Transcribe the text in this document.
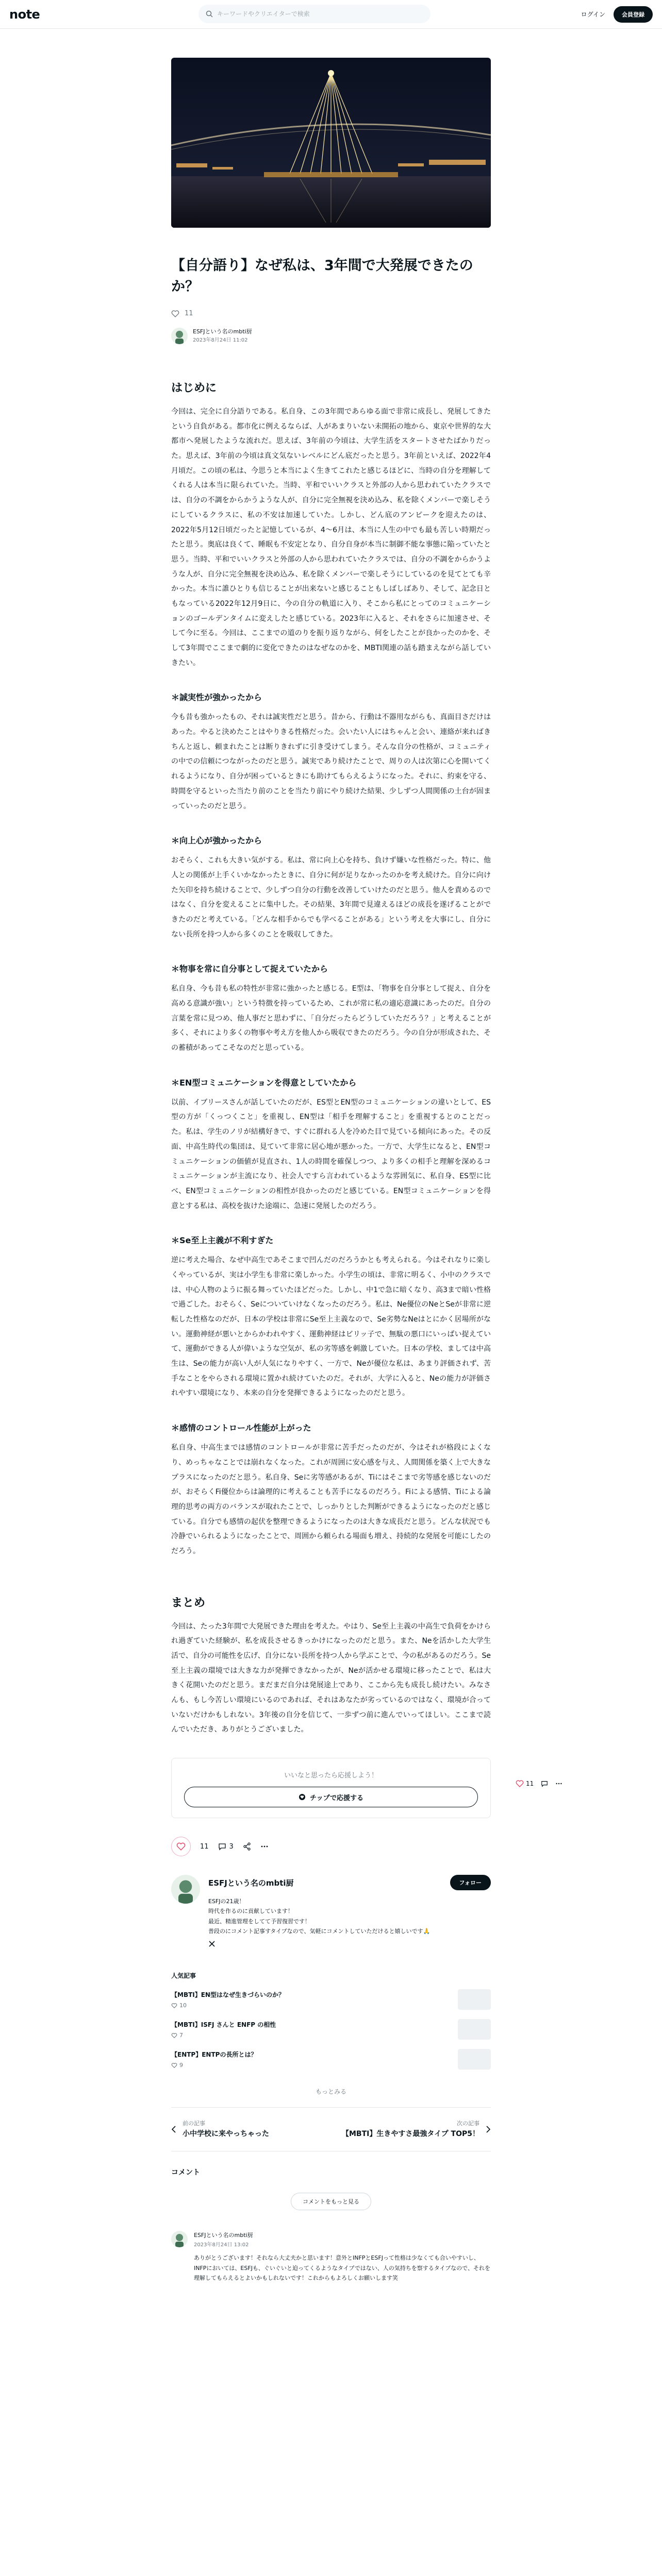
note
キーワードやクリエイターで検索	ログイン	会員登録
【自分語り】なぜ私は、3年間で大発展できたのか？
11
ESFJという名のmbti厨
2023年8月24日 11:02
はじめに

今回は、完全に自分語りである。私自身、この3年間であらゆる面で非常に成長し、発展してきたという自負がある。都市化に例えるならば、人があまりいない未開拓の地から、東京や世界的な大都市へ発展したような流れだ。思えば、3年前の今頃は、大学生活をスタートさせたばかりだった。思えば、3年前の今頃は真文気ないレベルにどん底だったと思う。3年前といえば、2022年4月頃だ。この頃の私は、今思うと本当によく生きてこれたと感じるほどに、当時の自分を理解してくれる人は本当に限られていた。当時、平和でいいクラスと外部の人から思われていたクラスでは、自分の不調をからかうような人が、自分に完全無視を決め込み、私を除くメンバーで楽しそうにしているクラスに、私の不安は加速していた。しかし、どん底のアンピークを迎えたのは、2022年5月12日頃だったと記憶しているが、4～6月は、本当に人生の中でも最も苦しい時期だったと思う。奥底は良くて、睡眠も不安定となり、自分自身が本当に制御不能な事態に陥っていたと思う。当時、平和でいいクラスと外部の人から思われていたクラスでは、自分の不調をからかうような人が、自分に完全無視を決め込み、私を除くメンバーで楽しそうにしているのを見てとても辛かった。本当に誰ひとりも信じることが出来ないと感じることもしばしばあり、そして、記念日ともなっている2022年12月9日に、今の自分の軌道に入り、そこから私にとってのコミュニケーションのゴールデンタイムに変えしたと感じている。2023年に入ると、それをさらに加速させ、そして今に至る。今回は、ここまでの道のりを振り返りながら、何をしたことが良かったのかを、そして3年間でここまで劇的に変化できたのはなぜなのかを、MBTI関連の話も踏まえながら話していきたい。

＊誠実性が強かったから

今も昔も強かったもの、それは誠実性だと思う。昔から、行動は不器用ながらも、真面目さだけはあった。やると決めたことはやりきる性格だった。会いたい人にはちゃんと会い、連絡が来ればきちんと返し、頼まれたことは断りきれずに引き受けてしまう。そんな自分の性格が、コミュニティの中での信頼につながったのだと思う。誠実であり続けたことで、周りの人は次第に心を開いてくれるようになり、自分が困っているときにも助けてもらえるようになった。それに、約束を守る、時間を守るといった当たり前のことを当たり前にやり続けた結果、少しずつ人間関係の土台が固まっていったのだと思う。

＊向上心が強かったから

おそらく、これも大きい気がする。私は、常に向上心を持ち、負けず嫌いな性格だった。特に、他人との関係が上手くいかなかったときに、自分に何が足りなかったのかを考え続けた。自分に向けた矢印を持ち続けることで、少しずつ自分の行動を改善していけたのだと思う。他人を責めるのではなく、自分を変えることに集中した。その結果、3年間で見違えるほどの成長を遂げることができたのだと考えている。「どんな相手からでも学べることがある」という考えを大事にし、自分にない長所を持つ人から多くのことを吸収してきた。

＊物事を常に自分事として捉えていたから

私自身、今も昔も私の特性が非常に強かったと感じる。E型は、「物事を自分事として捉え、自分を高める意識が強い」という特徴を持っているため、これが常に私の適応意識にあったのだ。自分の言葉を常に見つめ、他人事だと思わずに、「自分だったらどうしていただろう？」と考えることが多く、それにより多くの物事や考え方を他人から吸収できたのだろう。今の自分が形成された、その蓄積があってこそなのだと思っている。

＊EN型コミュニケーションを得意としていたから

以前、イブリースさんが話していたのだが、ES型とEN型のコミュニケーションの違いとして、ES型の方が「くっつくこと」を重視し、EN型は「相手を理解すること」を重視するとのことだった。私は、学生のノリが結構好きで、すぐに群れる人を冷めた目で見ている傾向にあった。その反面、中高生時代の集団は、見ていて非常に居心地が悪かった。一方で、大学生になると、EN型コミュニケーションの価値が見直され、1人の時間を確保しつつ、より多くの相手と理解を深めるコミュニケーションが主流になり、社会人ですら言われているような雰囲気に、私自身、ES型に比べ、EN型コミュニケーションの相性が良かったのだと感じている。EN型コミュニケーションを得意とする私は、高校を抜けた途端に、急速に発展したのだろう。

＊Se至上主義が不利すぎた

逆に考えた場合、なぜ中高生であそこまで凹んだのだろうかとも考えられる。今はそれなりに楽しくやっているが、実は小学生も非常に楽しかった。小学生の頃は、非常に明るく、小中のクラスでは、中心人物のように振る舞っていたほどだった。しかし、中1で急に暗くなり、高3まで暗い性格で過ごした。おそらく、Seについていけなくなったのだろう。私は、Ne優位のNeとSeが非常に逆転した性格なのだが、日本の学校は非常にSe至上主義なので、Se劣勢なNeはとにかく居場所がない。運動神経が悪いとからかわれやすく、運動神経はビリッ子で、無駄の悪口にいっぱい捉えていて、運動ができる人が偉いような空気が、私の劣等感を刺激していた。日本の学校、ましては中高生は、Seの能力が高い人が人気になりやすく、一方で、Neが優位な私は、あまり評価されず、苦手なことをやらされる環境に置かれ続けていたのだ。それが、大学に入ると、Neの能力が評価されやすい環境になり、本来の自分を発揮できるようになったのだと思う。

＊感情のコントロール性能が上がった

私自身、中高生までは感情のコントロールが非常に苦手だったのだが、今はそれが格段によくなり、めっちゃなことでは崩れなくなった。これが周囲に安心感を与え、人間関係を築く上で大きなプラスになったのだと思う。私自身、Seに劣等感があるが、Tiにはそこまで劣等感を感じないのだが、おそらくFi優位からは論理的に考えることも苦手になるのだろう。Fiによる感情、Tiによる論理的思考の両方のバランスが取れたことで、しっかりとした判断ができるようになったのだと感じている。自分でも感情の起伏を整理できるようになったのは大きな成長だと思う。どんな状況でも冷静でいられるようになったことで、周囲から頼られる場面も増え、持続的な発展を可能にしたのだろう。

まとめ

今回は、たった3年間で大発展できた理由を考えた。やはり、Se至上主義の中高生で負荷をかけられ過ぎていた経験が、私を成長させるきっかけになったのだと思う。また、Neを活かした大学生活で、自分の可能性を広げ、自分にない長所を持つ人から学ぶことで、今の私があるのだろう。Se至上主義の環境では大きな力が発揮できなかったが、Neが活かせる環境に移ったことで、私は大きく花開いたのだと思う。まだまだ自分は発展途上であり、ここから先も成長し続けたい。みなさんも、もし今苦しい環境にいるのであれば、それはあなたが劣っているのではなく、環境が合っていないだけかもしれない。3年後の自分を信じて、一歩ずつ前に進んでいってほしい。ここまで読んでいただき、ありがとうございました。

いいなと思ったら応援しよう！
チップで応援する
11	3
ESFJという名のmbti厨	フォロー

ESFJの21歳！
時代を作るのに貢献しています！
最近、精進管理をしてて予習復習です！
普段のにコメント記事すタイプなので、気軽にコメントしていただけると嬉しいです🙏

人気記事
【MBTI】EN型はなぜ生きづらいのか？
10
【MBTI】ISFJ さんと ENFP の相性
7
【ENTP】ENTPの長所とは？
9
もっとみる
前の記事
小中学校に来やっちゃった
次の記事
【MBTI】生きやすさ最強タイプ TOP5！
コメント
コメントをもっと見る
ESFJという名のmbti厨
2023年8月24日 13:02

ありがとうございます！それなら大丈夫かと思います！意外とINFPとESFJって性格は少なくても合いやすいし、INFPにおいては、ESFJも、ぐいぐいと迫ってくるようなタイプではない、人の気持ちを察するタイプなので、それを理解してもらえるとよいかもしれないです！これからもよろしくお願いします笑

11
